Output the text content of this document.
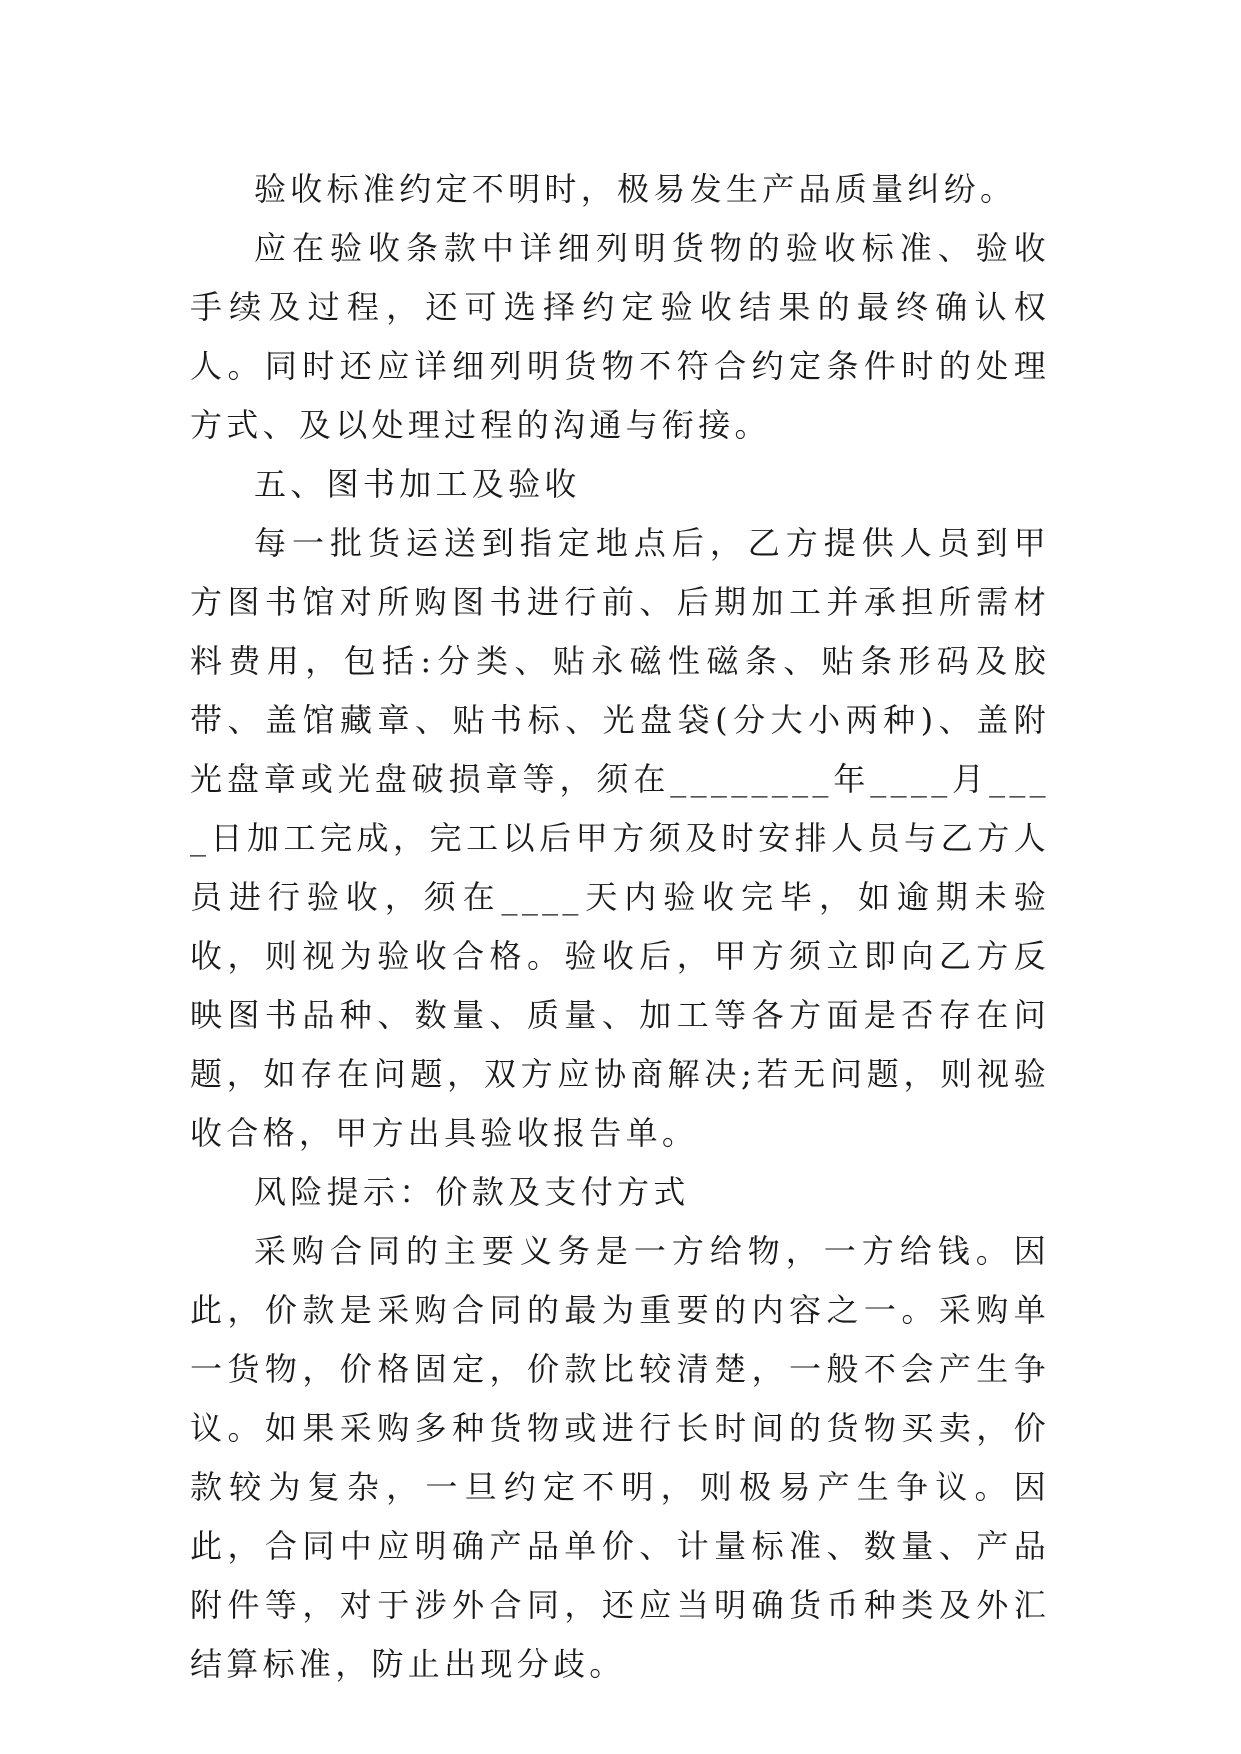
验收标准约定不明时，极易发生产品质量纠纷。

应在验收条款中详细列明货物的验收标准、验收手续及过程，还可选择约定验收结果的最终确认权人。同时还应详细列明货物不符合约定条件时的处理方式、及以处理过程的沟通与衔接。

五、图书加工及验收

每一批货运送到指定地点后，乙方提供人员到甲方图书馆对所购图书进行前、后期加工并承担所需材料费用，包括:分类、贴永磁性磁条、贴条形码及胶带、盖馆藏章、贴书标、光盘袋(分大小两种)、盖附光盘章或光盘破损章等，须在________年____月____日加工完成，完工以后甲方须及时安排人员与乙方人员进行验收，须在____天内验收完毕，如逾期未验收，则视为验收合格。验收后，甲方须立即向乙方反映图书品种、数量、质量、加工等各方面是否存在问题，如存在问题，双方应协商解决;若无问题，则视验收合格，甲方出具验收报告单。

风险提示：价款及支付方式

采购合同的主要义务是一方给物，一方给钱。因此，价款是采购合同的最为重要的内容之一。采购单一货物，价格固定，价款比较清楚，一般不会产生争议。如果采购多种货物或进行长时间的货物买卖，价款较为复杂，一旦约定不明，则极易产生争议。因此，合同中应明确产品单价、计量标准、数量、产品附件等，对于涉外合同，还应当明确货币种类及外汇结算标准，防止出现分歧。
